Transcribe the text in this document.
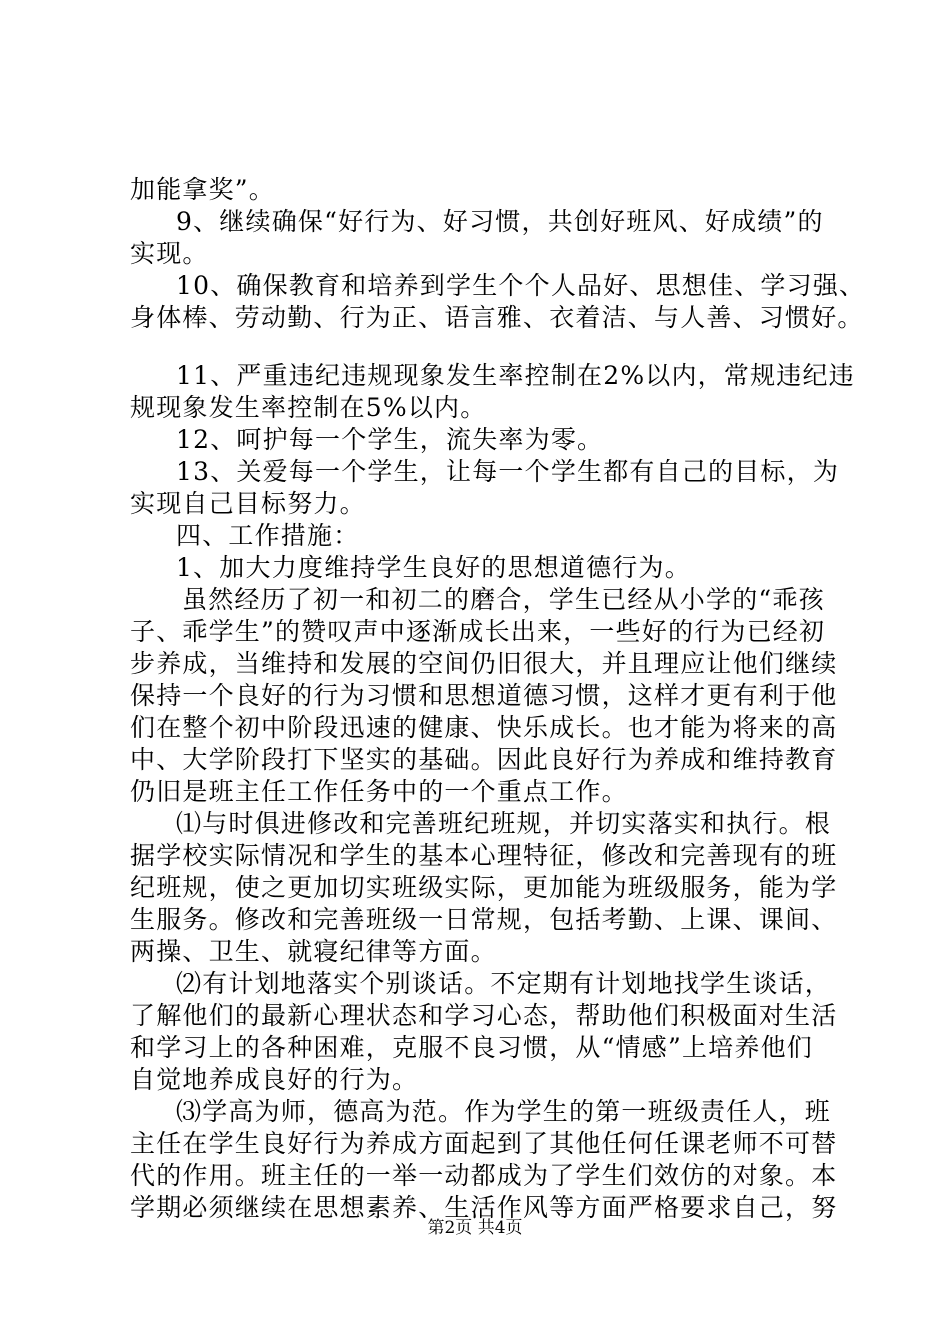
加能拿奖”。
9、继续确保“好行为、好习惯，共创好班风、好成绩”的
实现。
10、确保教育和培养到学生个个人品好、思想佳、学习强、
身体棒、劳动勤、行为正、语言雅、衣着洁、与人善、习惯好。
11、严重违纪违规现象发生率控制在2%以内，常规违纪违
规现象发生率控制在5%以内。
12、呵护每一个学生，流失率为零。
13、关爱每一个学生，让每一个学生都有自己的目标，为
实现自己目标努力。
四、工作措施：
1、加大力度维持学生良好的思想道德行为。
虽然经历了初一和初二的磨合，学生已经从小学的“乖孩
子、乖学生”的赞叹声中逐渐成长出来，一些好的行为已经初
步养成，当维持和发展的空间仍旧很大，并且理应让他们继续
保持一个良好的行为习惯和思想道德习惯，这样才更有利于他
们在整个初中阶段迅速的健康、快乐成长。也才能为将来的高
中、大学阶段打下坚实的基础。因此良好行为养成和维持教育
仍旧是班主任工作任务中的一个重点工作。
⑴与时俱进修改和完善班纪班规，并切实落实和执行。根
据学校实际情况和学生的基本心理特征，修改和完善现有的班
纪班规，使之更加切实班级实际，更加能为班级服务，能为学
生服务。修改和完善班级一日常规，包括考勤、上课、课间、
两操、卫生、就寝纪律等方面。
⑵有计划地落实个别谈话。不定期有计划地找学生谈话，
了解他们的最新心理状态和学习心态，帮助他们积极面对生活
和学习上的各种困难，克服不良习惯，从“情感”上培养他们
自觉地养成良好的行为。
⑶学高为师，德高为范。作为学生的第一班级责任人，班
主任在学生良好行为养成方面起到了其他任何任课老师不可替
代的作用。班主任的一举一动都成为了学生们效仿的对象。本
学期必须继续在思想素养、生活作风等方面严格要求自己，努
第2页 共4页
